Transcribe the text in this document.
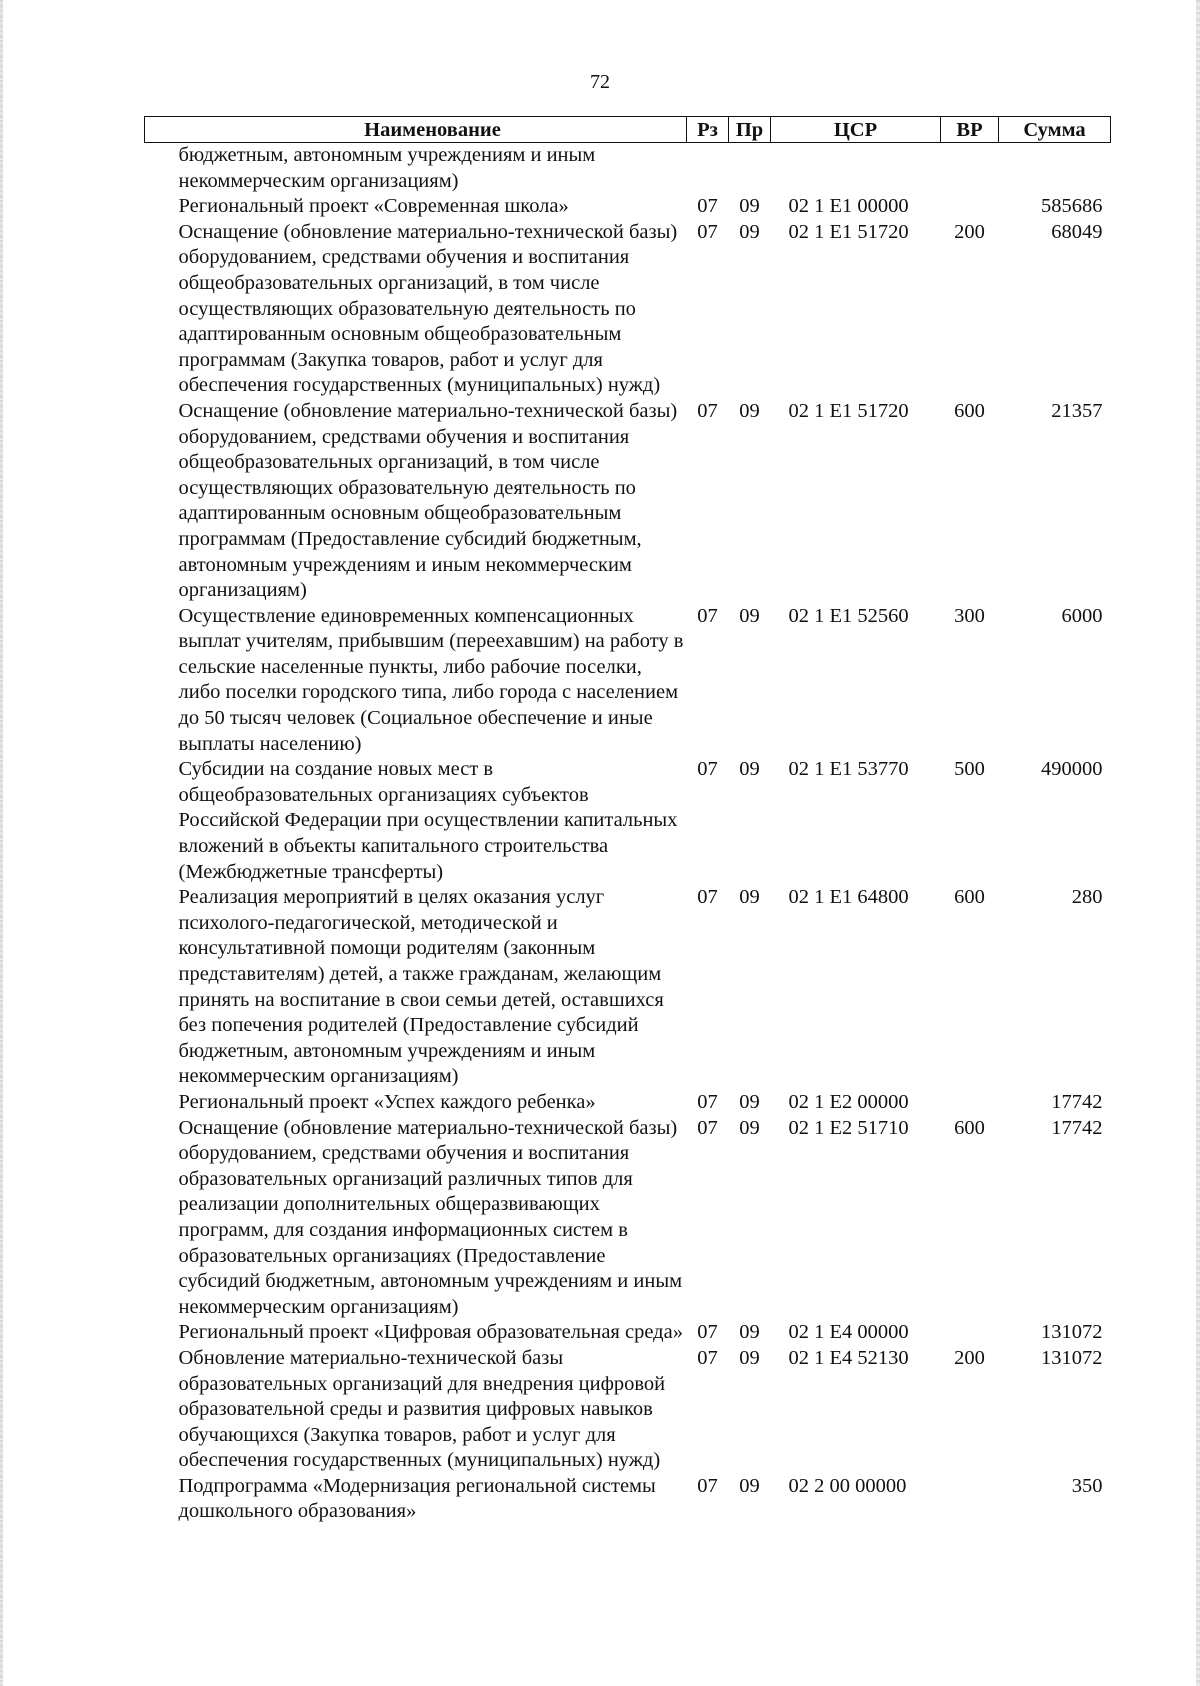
72
Наименование	Рз	Пр	ЦСР	ВР	Сумма
бюджетным, автономным учреждениям и иным некоммерческим организациям)					
Региональный проект «Современная школа»	07	09	02 1 E1 00000		585686
Оснащение (обновление материально-технической базы) оборудованием, средствами обучения и воспитания общеобразовательных организаций, в том числе осуществляющих образовательную деятельность по адаптированным основным общеобразовательным программам (Закупка товаров, работ и услуг для обеспечения государственных (муниципальных) нужд)	07	09	02 1 E1 51720	200	68049
Оснащение (обновление материально-технической базы) оборудованием, средствами обучения и воспитания общеобразовательных организаций, в том числе осуществляющих образовательную деятельность по адаптированным основным общеобразовательным программам (Предоставление субсидий бюджетным, автономным учреждениям и иным некоммерческим организациям)	07	09	02 1 E1 51720	600	21357
Осуществление единовременных компенсационных выплат учителям, прибывшим (переехавшим) на работу в сельские населенные пункты, либо рабочие поселки, либо поселки городского типа, либо города с населением до 50 тысяч человек (Социальное обеспечение и иные выплаты населению)	07	09	02 1 E1 52560	300	6000
Субсидии на создание новых мест в общеобразовательных организациях субъектов Российской Федерации при осуществлении капитальных вложений в объекты капитального строительства (Межбюджетные трансферты)	07	09	02 1 E1 53770	500	490000
Реализация мероприятий в целях оказания услуг психолого-педагогической, методической и консультативной помощи родителям (законным представителям) детей, а также гражданам, желающим принять на воспитание в свои семьи детей, оставшихся без попечения родителей (Предоставление субсидий бюджетным, автономным учреждениям и иным некоммерческим организациям)	07	09	02 1 E1 64800	600	280
Региональный проект «Успех каждого ребенка»	07	09	02 1 E2 00000		17742
Оснащение (обновление материально-технической базы) оборудованием, средствами обучения и воспитания образовательных организаций различных типов для реализации дополнительных общеразвивающих программ, для создания информационных систем в образовательных организациях (Предоставление субсидий бюджетным, автономным учреждениям и иным некоммерческим организациям)	07	09	02 1 E2 51710	600	17742
Региональный проект «Цифровая образовательная среда»	07	09	02 1 E4 00000		131072
Обновление материально-технической базы образовательных организаций для внедрения цифровой образовательной среды и развития цифровых навыков обучающихся (Закупка товаров, работ и услуг для обеспечения государственных (муниципальных) нужд)	07	09	02 1 E4 52130	200	131072
Подпрограмма «Модернизация региональной системы дошкольного образования»	07	09	02 2 00 00000		350
